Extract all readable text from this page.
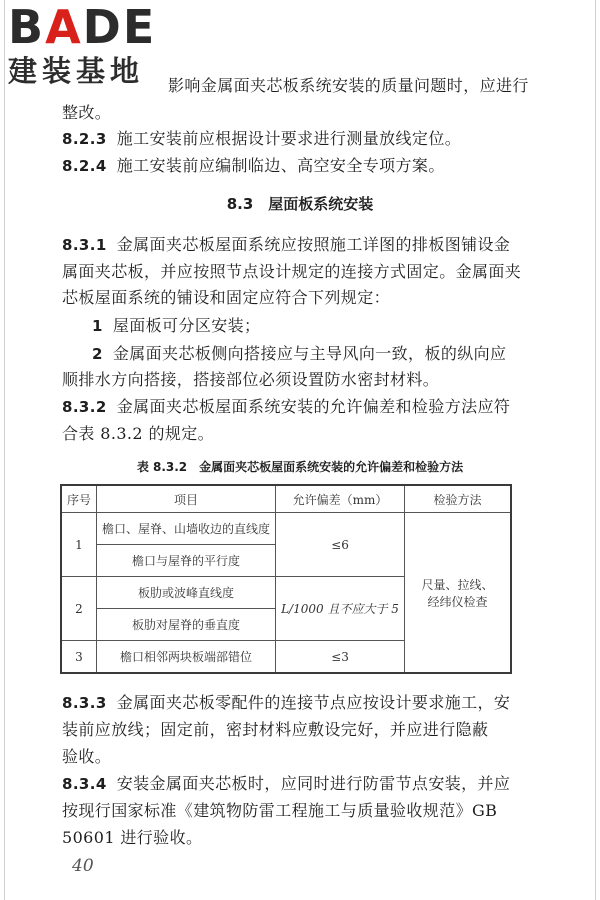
BADE
建装基地	影响金属面夹芯板系统安装的质量问题时，应进行
整改。
8.2.3 施工安装前应根据设计要求进行测量放线定位。
8.2.4 施工安装前应编制临边、高空安全专项方案。
8.3　 屋面板系统安装
8.3.1 金属面夹芯板屋面系统应按照施工详图的排板图铺设金
属面夹芯板，并应按照节点设计规定的连接方式固定。金属面夹
芯板屋面系统的铺设和固定应符合下列规定：
1 屋面板可分区安装；
2 金属面夹芯板侧向搭接应与主导风向一致，板的纵向应
顺排水方向搭接，搭接部位必须设置防水密封材料。
8.3.2 金属面夹芯板屋面系统安装的允许偏差和检验方法应符
合表 8.3.2 的规定。
表 8.3.2　金属面夹芯板屋面系统安装的允许偏差和检验方法
序号	项目	允许偏差（mm）	检验方法
1	檐口、屋脊、山墙收边的直线度	≤6	尺量、拉线、
经纬仪检查
	檐口与屋脊的平行度		
2	板肋或波峰直线度	L/1000 且不应大于 5	
	板肋对屋脊的垂直度		
3	檐口相邻两块板端部错位	≤3	
8.3.3 金属面夹芯板零配件的连接节点应按设计要求施工，安
装前应放线；固定前，密封材料应敷设完好，并应进行隐蔽
验收。
8.3.4 安装金属面夹芯板时，应同时进行防雷节点安装，并应
按现行国家标准《建筑物防雷工程施工与质量验收规范》GB
50601 进行验收。
40
